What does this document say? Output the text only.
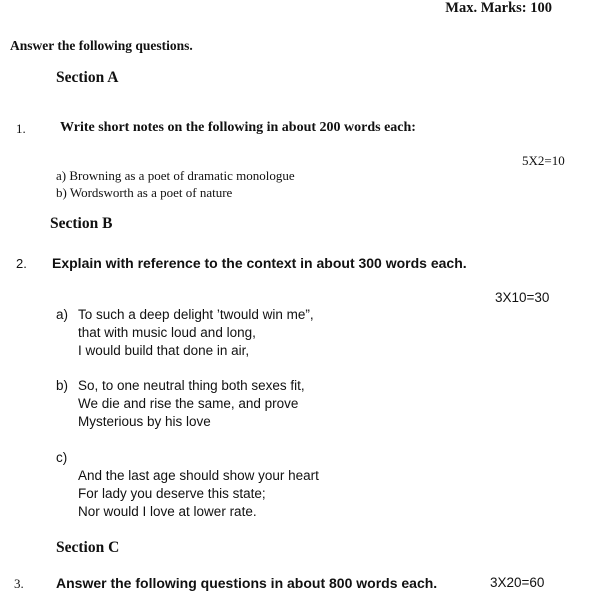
Max. Marks: 100
Answer the following questions.
Section A
1. Write short notes on the following in about 200 words each:
5X2=10
a) Browning as a poet of dramatic monologue
b) Wordsworth as a poet of nature
Section B
2. Explain with reference to the context in about 300 words each.
3X10=30
a) To such a deep delight ’twould win me”,
that with music loud and long,
I would build that done in air,
b) So, to one neutral thing both sexes fit,
We die and rise the same, and prove
Mysterious by his love
c)
And the last age should show your heart
For lady you deserve this state;
Nor would I love at lower rate.
Section C
3. Answer the following questions in about 800 words each.	3X20=60
